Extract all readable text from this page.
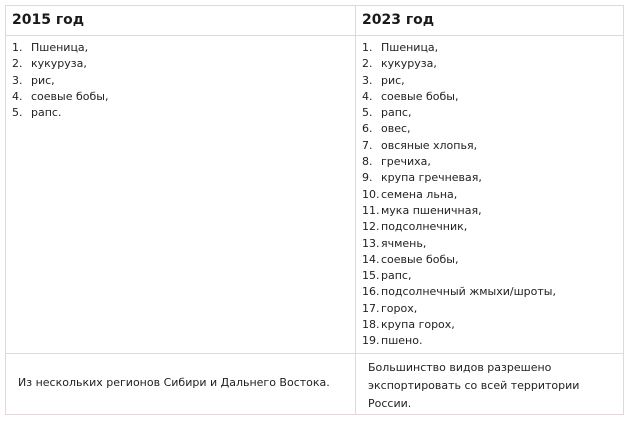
2015 год	2023 год
1. Пшеница,
2. кукуруза,
3. рис,
4. соевые бобы,
5. рапс.
1. Пшеница,
2. кукуруза,
3. рис,
4. соевые бобы,
5. рапс,
6. овес,
7. овсяные хлопья,
8. гречиха,
9. крупа гречневая,
10. семена льна,
11. мука пшеничная,
12. подсолнечник,
13. ячмень,
14. соевые бобы,
15. рапс,
16. подсолнечный жмыхи/шроты,
17. горох,
18. крупа горох,
19. пшено.
Из нескольких регионов Сибири и Дальнего Востока.
Большинство видов разрешено экспортировать со всей территории России.
